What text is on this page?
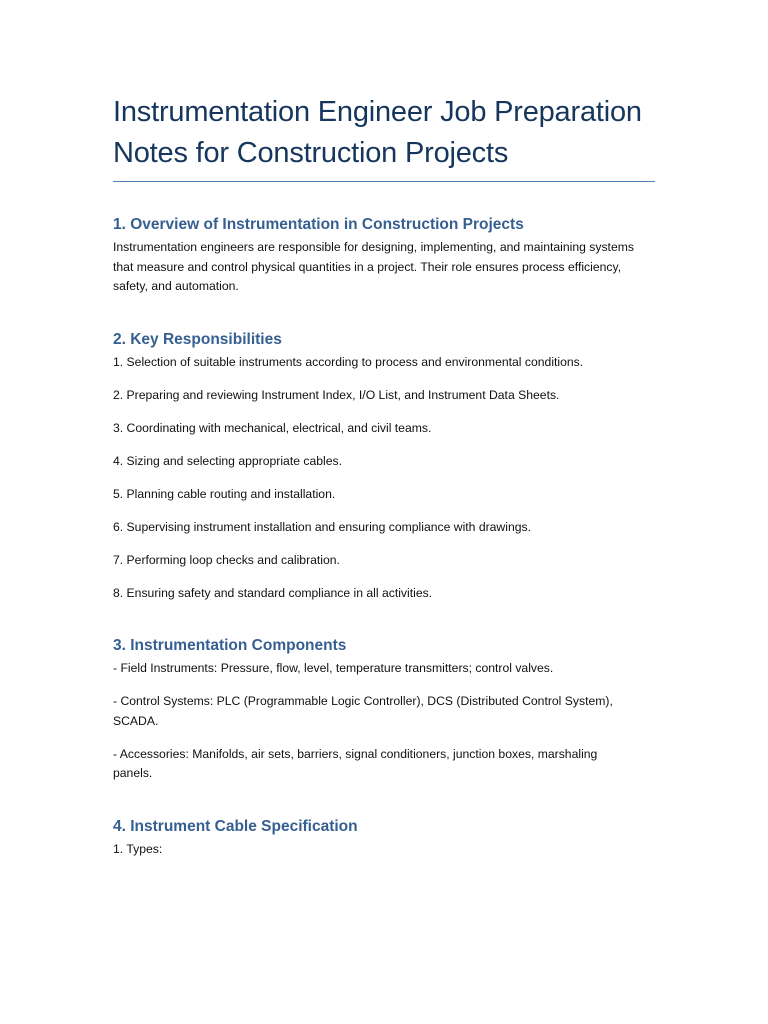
Instrumentation Engineer Job Preparation Notes for Construction Projects
1. Overview of Instrumentation in Construction Projects

Instrumentation engineers are responsible for designing, implementing, and maintaining systems that measure and control physical quantities in a project. Their role ensures process efficiency, safety, and automation.

2. Key Responsibilities

1. Selection of suitable instruments according to process and environmental conditions.

2. Preparing and reviewing Instrument Index, I/O List, and Instrument Data Sheets.

3. Coordinating with mechanical, electrical, and civil teams.

4. Sizing and selecting appropriate cables.

5. Planning cable routing and installation.

6. Supervising instrument installation and ensuring compliance with drawings.

7. Performing loop checks and calibration.

8. Ensuring safety and standard compliance in all activities.

3. Instrumentation Components

- Field Instruments: Pressure, flow, level, temperature transmitters; control valves.

- Control Systems: PLC (Programmable Logic Controller), DCS (Distributed Control System), SCADA.

- Accessories: Manifolds, air sets, barriers, signal conditioners, junction boxes, marshaling panels.

4. Instrument Cable Specification

1. Types:
